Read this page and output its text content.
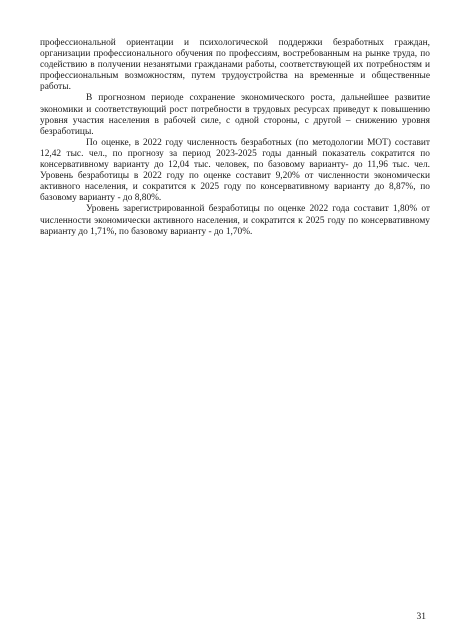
профессиональной ориентации и психологической поддержки безработных граждан, организации профессионального обучения по профессиям, востребованным на рынке труда, по содействию в получении незанятыми гражданами работы, соответствующей их потребностям и профессиональным возможностям, путем трудоустройства на временные и общественные работы.

В прогнозном периоде сохранение экономического роста, дальнейшее развитие экономики и соответствующий рост потребности в трудовых ресурсах приведут к повышению уровня участия населения в рабочей силе, с одной стороны, с другой – снижению уровня безработицы.

По оценке, в 2022 году численность безработных (по методологии МОТ) составит 12,42 тыс. чел., по прогнозу за период 2023-2025 годы данный показатель сократится по консервативному варианту до 12,04 тыс. человек, по базовому варианту- до 11,96 тыс. чел. Уровень безработицы в 2022 году по оценке составит 9,20% от численности экономически активного населения, и сократится к 2025 году по консервативному варианту до 8,87%, по базовому варианту - до 8,80%.

Уровень зарегистрированной безработицы по оценке 2022 года составит 1,80% от численности экономически активного населения, и сократится к 2025 году по консервативному варианту до 1,71%, по базовому варианту - до 1,70%.

31
